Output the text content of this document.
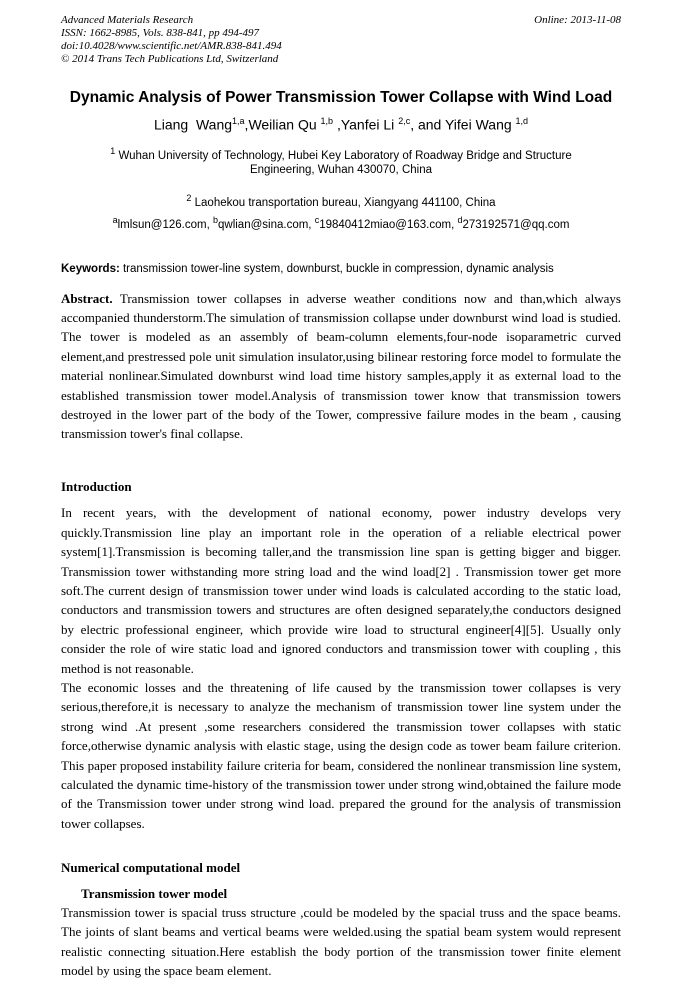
Advanced Materials Research
ISSN: 1662-8985, Vols. 838-841, pp 494-497
doi:10.4028/www.scientific.net/AMR.838-841.494
© 2014 Trans Tech Publications Ltd, Switzerland
Online: 2013-11-08
Dynamic Analysis of Power Transmission Tower Collapse with Wind Load
Liang  Wang$^{1,a}$,Weilian Qu $^{1,b}$ ,Yanfei Li $^{2,c}$, and Yifei Wang $^{1,d}$
$^1$ Wuhan University of Technology, Hubei Key Laboratory of Roadway Bridge and Structure Engineering, Wuhan 430070, China
$^2$ Laohekou transportation bureau, Xiangyang 441100, China
$^a$lmlsun@126.com, $^b$qwlian@sina.com, $^c$19840412miao@163.com, $^d$273192571@qq.com
Keywords: transmission tower-line system, downburst, buckle in compression, dynamic analysis

Abstract. Transmission tower collapses in adverse weather conditions now and than,which always accompanied thunderstorm.The simulation of transmission collapse under downburst wind load is studied. The tower is modeled as an assembly of beam-column elements,four-node isoparametric curved element,and prestressed pole unit simulation insulator,using bilinear restoring force model to formulate the material nonlinear.Simulated downburst wind load time history samples,apply it as external load to the established transmission tower model.Analysis of transmission tower know that transmission towers destroyed in the lower part of the body of the Tower, compressive failure modes in the beam , causing transmission tower's final collapse.

Introduction

In recent years, with the development of national economy, power industry develops very quickly.Transmission line play an important role in the operation of a reliable electrical power system[1].Transmission is becoming taller,and the transmission line span is getting bigger and bigger. Transmission tower withstanding more string load and the wind load[2] . Transmission tower get more soft.The current design of transmission tower under wind loads is calculated according to the static load, conductors and transmission towers and structures are often designed separately,the conductors designed by electric professional engineer, which provide wire load to structural engineer[4][5]. Usually only consider the role of wire static load and ignored conductors and transmission tower with coupling , this method is not reasonable.

The economic losses and the threatening of life caused by the transmission tower collapses is very serious,therefore,it is necessary to analyze the mechanism of transmission tower line system under the strong wind .At present ,some researchers considered the transmission tower collapses with static force,otherwise dynamic analysis with elastic stage, using the design code as tower beam failure criterion. This paper proposed instability failure criteria for beam, considered the nonlinear transmission line system, calculated the dynamic time-history of the transmission tower under strong wind,obtained the failure mode of the Transmission tower under strong wind load. prepared the ground for the analysis of transmission tower collapses.

Numerical computational model
Transmission tower model

Transmission tower is spacial truss structure ,could be modeled by the spacial truss and the space beams. The joints of slant beams and vertical beams were welded.using the spatial beam system would represent realistic connecting situation.Here establish the body portion of the transmission tower finite element model by using the space beam element.
